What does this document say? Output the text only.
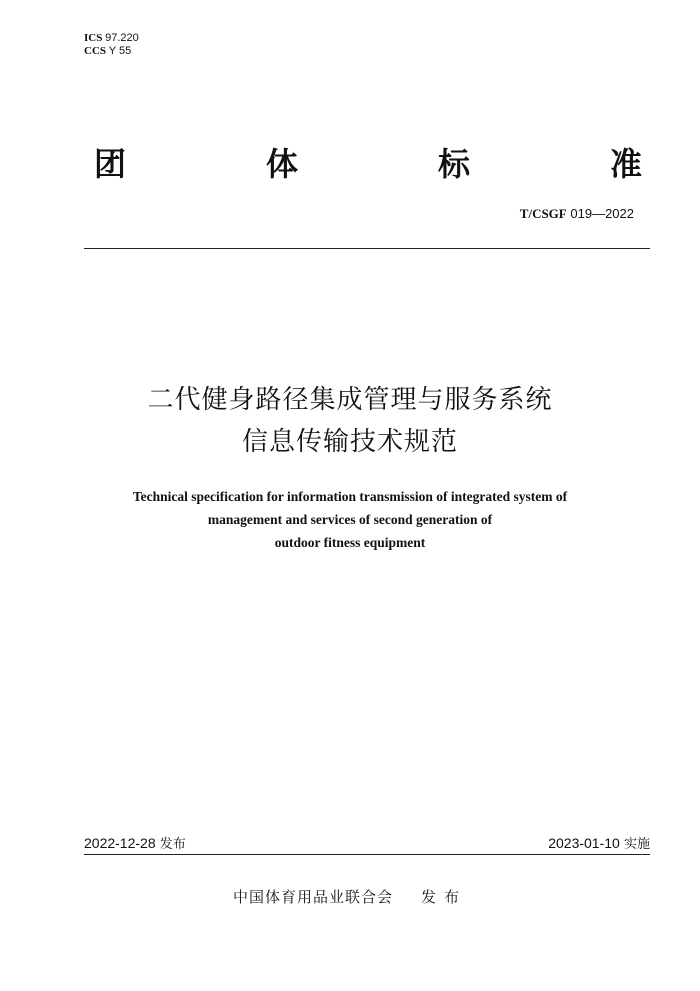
ICS 97.220
CCS Y 55
团	体	标	准
T/CSGF 019—2022
二代健身路径集成管理与服务系统
信息传输技术规范
Technical specification for information transmission of integrated system of
management and services of second generation of
outdoor fitness equipment
2022-12-28 发布	2023-01-10 实施
中国体育用品业联合会 发布
